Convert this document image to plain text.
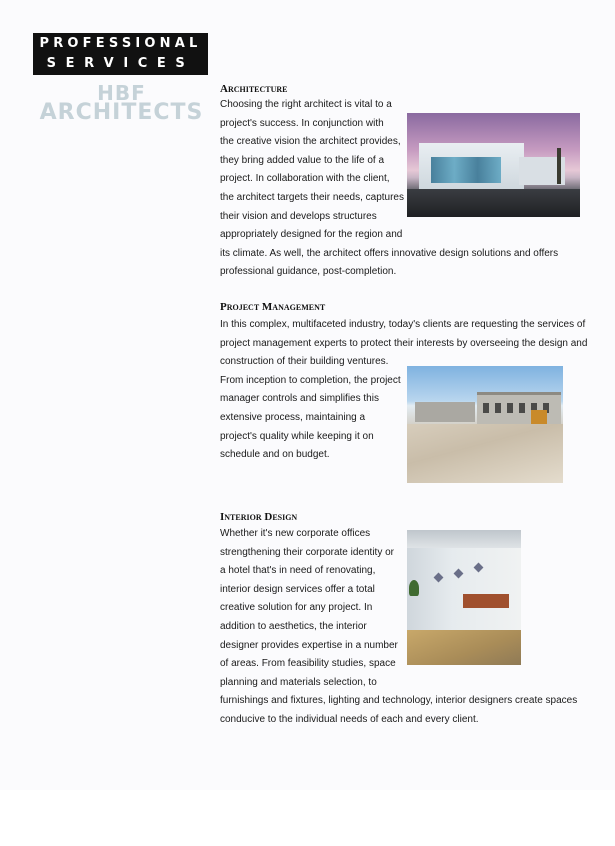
PROFESSIONAL
SERVICES
HBF
ARCHITECTS
Architecture
Choosing the right architect is vital to a
project's success. In conjunction with
the creative vision the architect provides,
they bring added value to the life of a
project. In collaboration with the client,
the architect targets their needs, captures
their vision and develops structures
appropriately designed for the region and
its climate. As well, the architect offers innovative design solutions and offers
professional guidance, post-completion.
Project Management
In this complex, multifaceted industry, today's clients are requesting the services of
project management experts to protect their interests by overseeing the design and
construction of their building ventures.
From inception to completion, the project
manager controls and simplifies this
extensive process, maintaining a
project's quality while keeping it on
schedule and on budget.
Interior Design
Whether it's new corporate offices
strengthening their corporate identity or
a hotel that's in need of renovating,
interior design services offer a total
creative solution for any project. In
addition to aesthetics, the interior
designer provides expertise in a number
of areas. From feasibility studies, space
planning and materials selection, to
furnishings and fixtures, lighting and technology, interior designers create spaces
conducive to the individual needs of each and every client.
